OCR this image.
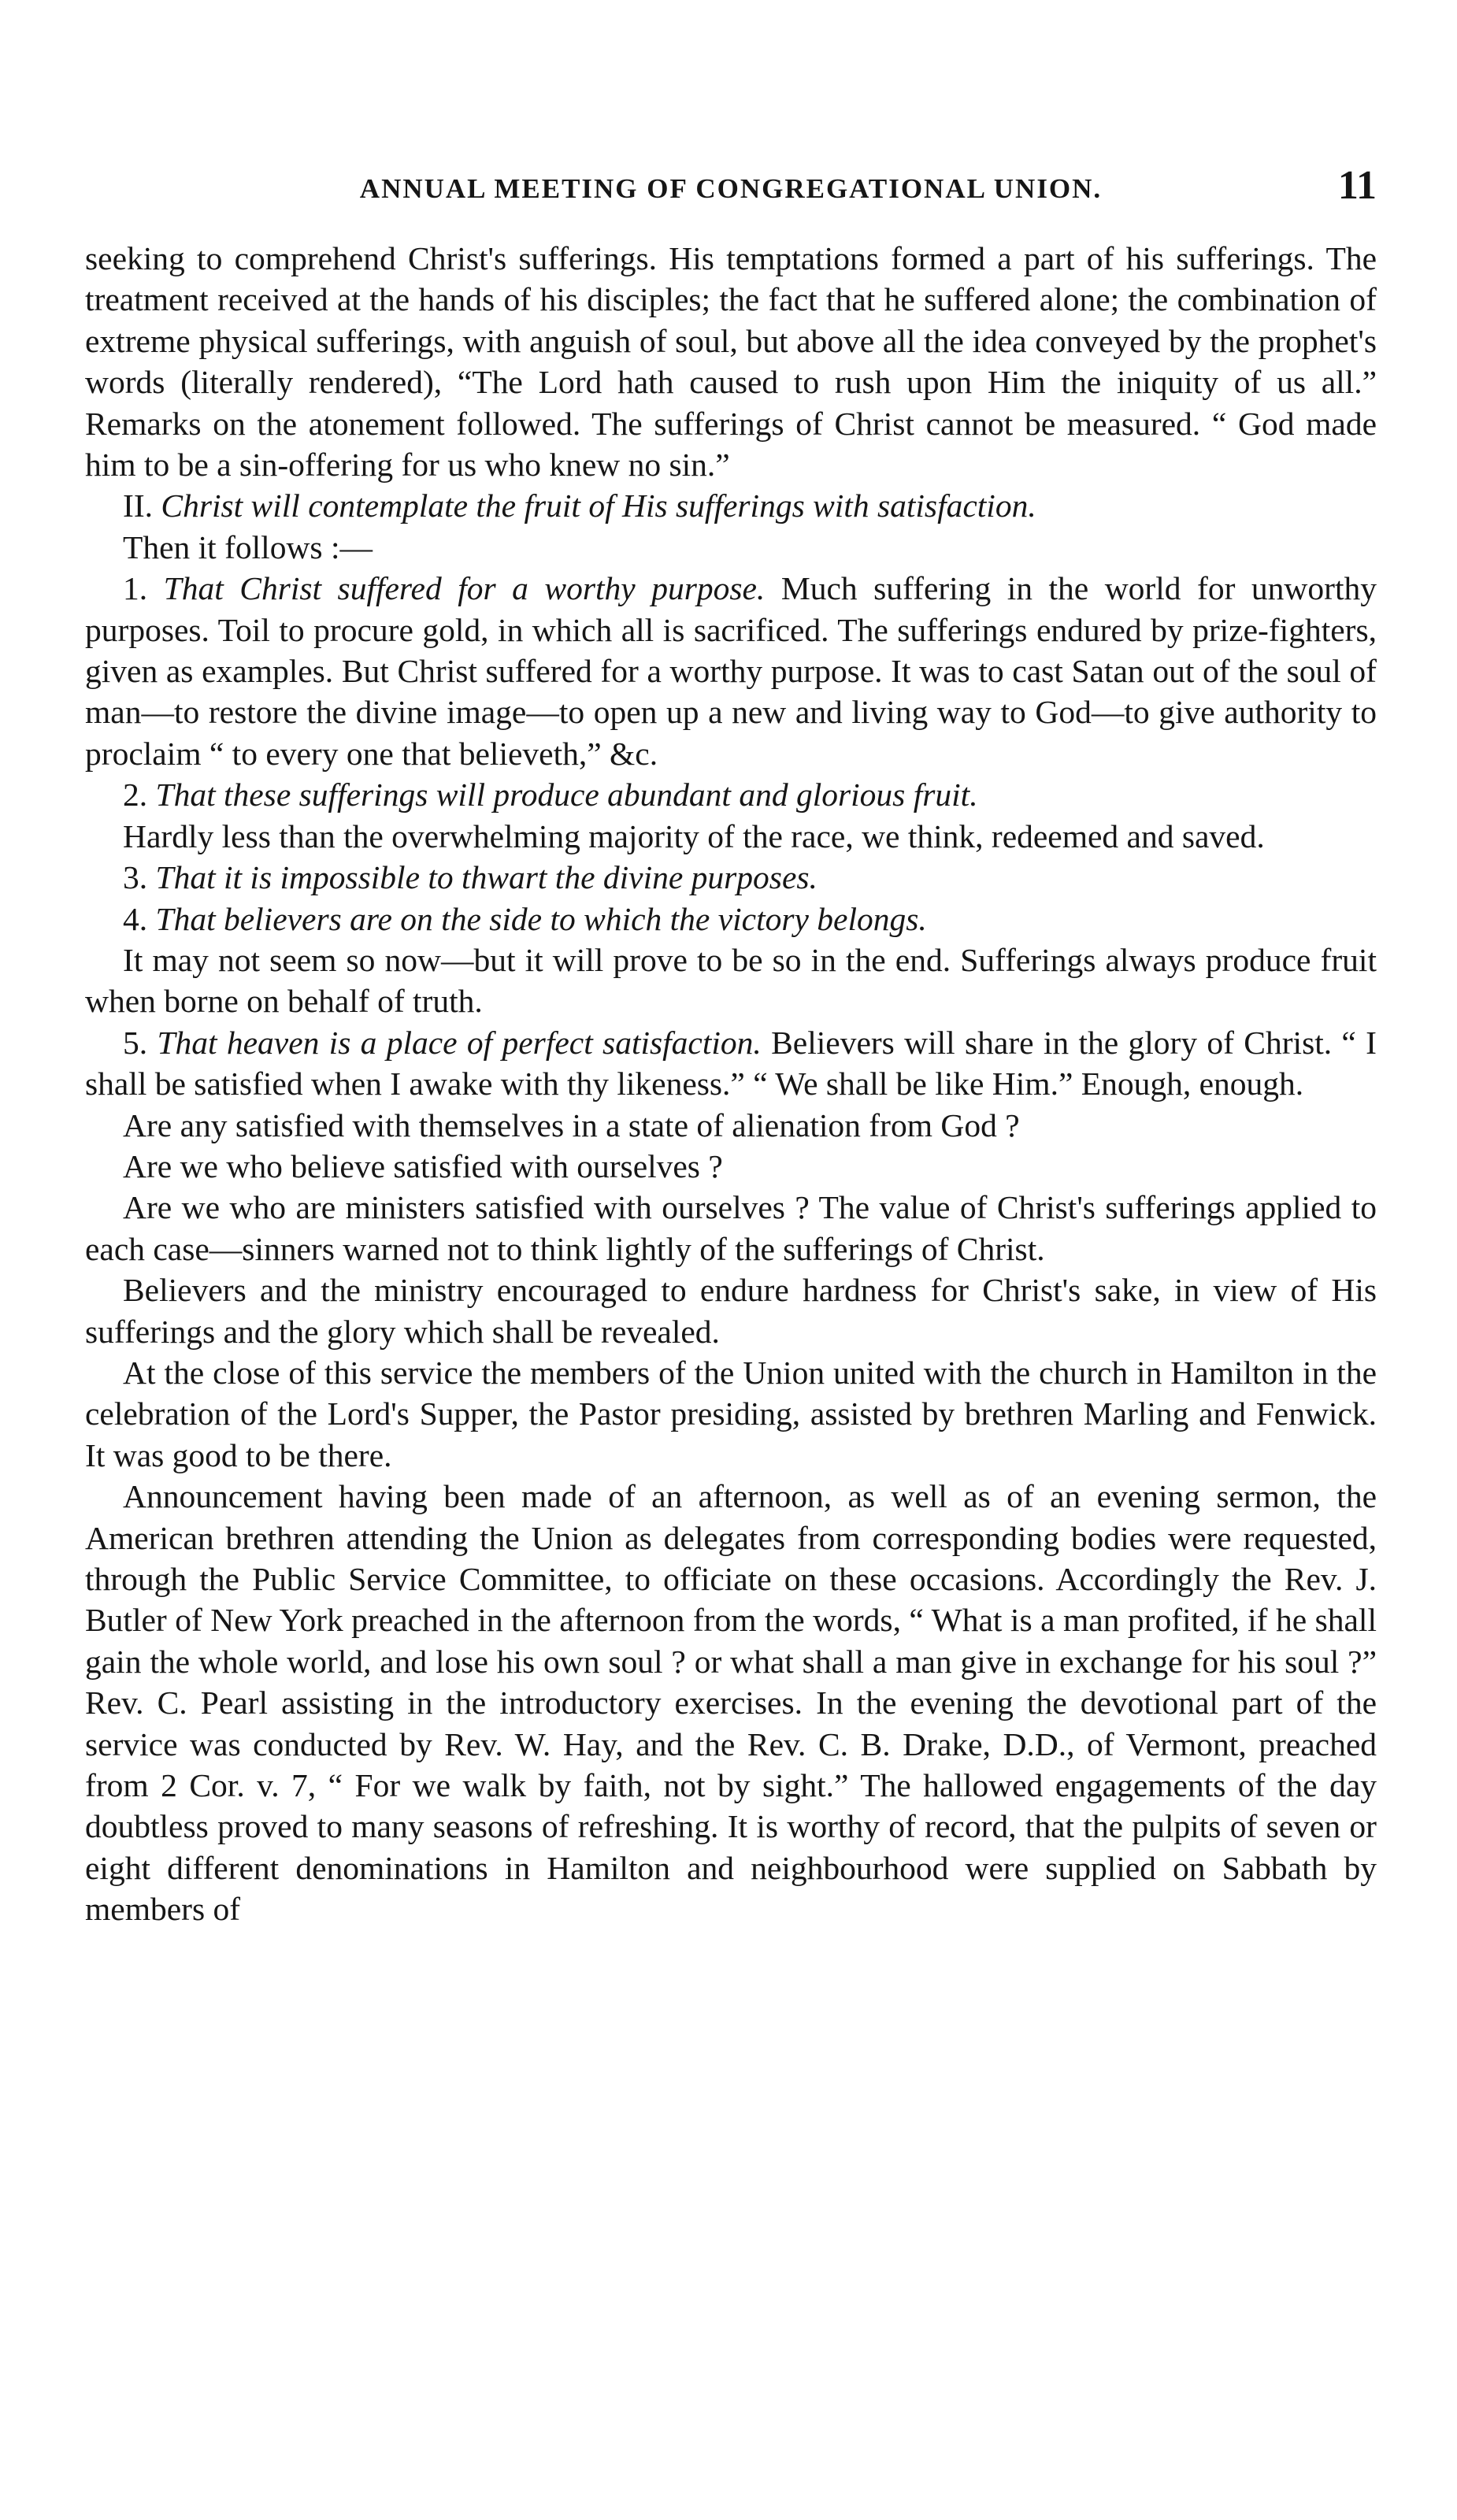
ANNUAL MEETING OF CONGREGATIONAL UNION.	11

seeking to comprehend Christ's sufferings. His temptations formed a part of his sufferings. The treatment received at the hands of his disciples; the fact that he suffered alone; the combination of extreme physical sufferings, with anguish of soul, but above all the idea conveyed by the prophet's words (literally rendered), “The Lord hath caused to rush upon Him the iniquity of us all.” Remarks on the atonement followed. The sufferings of Christ cannot be measured. “ God made him to be a sin-offering for us who knew no sin.”

II. Christ will contemplate the fruit of His sufferings with satisfaction.

Then it follows :—

1. That Christ suffered for a worthy purpose. Much suffering in the world for unworthy purposes. Toil to procure gold, in which all is sacrificed. The sufferings endured by prize-fighters, given as examples. But Christ suffered for a worthy purpose. It was to cast Satan out of the soul of man—to restore the divine image—to open up a new and living way to God—to give authority to proclaim “ to every one that believeth,” &c.

2. That these sufferings will produce abundant and glorious fruit.

Hardly less than the overwhelming majority of the race, we think, redeemed and saved.

3. That it is impossible to thwart the divine purposes.

4. That believers are on the side to which the victory belongs.

It may not seem so now—but it will prove to be so in the end. Sufferings always produce fruit when borne on behalf of truth.

5. That heaven is a place of perfect satisfaction. Believers will share in the glory of Christ. “ I shall be satisfied when I awake with thy likeness.” “ We shall be like Him.” Enough, enough.

Are any satisfied with themselves in a state of alienation from God ?

Are we who believe satisfied with ourselves ?

Are we who are ministers satisfied with ourselves ? The value of Christ's sufferings applied to each case—sinners warned not to think lightly of the sufferings of Christ.

Believers and the ministry encouraged to endure hardness for Christ's sake, in view of His sufferings and the glory which shall be revealed.

At the close of this service the members of the Union united with the church in Hamilton in the celebration of the Lord's Supper, the Pastor presiding, assisted by brethren Marling and Fenwick. It was good to be there.

Announcement having been made of an afternoon, as well as of an evening sermon, the American brethren attending the Union as delegates from corresponding bodies were requested, through the Public Service Committee, to officiate on these occasions. Accordingly the Rev. J. Butler of New York preached in the afternoon from the words, “ What is a man profited, if he shall gain the whole world, and lose his own soul ? or what shall a man give in exchange for his soul ?” Rev. C. Pearl assisting in the introductory exercises. In the evening the devotional part of the service was conducted by Rev. W. Hay, and the Rev. C. B. Drake, D.D., of Vermont, preached from 2 Cor. v. 7, “ For we walk by faith, not by sight.” The hallowed engagements of the day doubtless proved to many seasons of refreshing. It is worthy of record, that the pulpits of seven or eight different denominations in Hamilton and neighbourhood were supplied on Sabbath by members of
